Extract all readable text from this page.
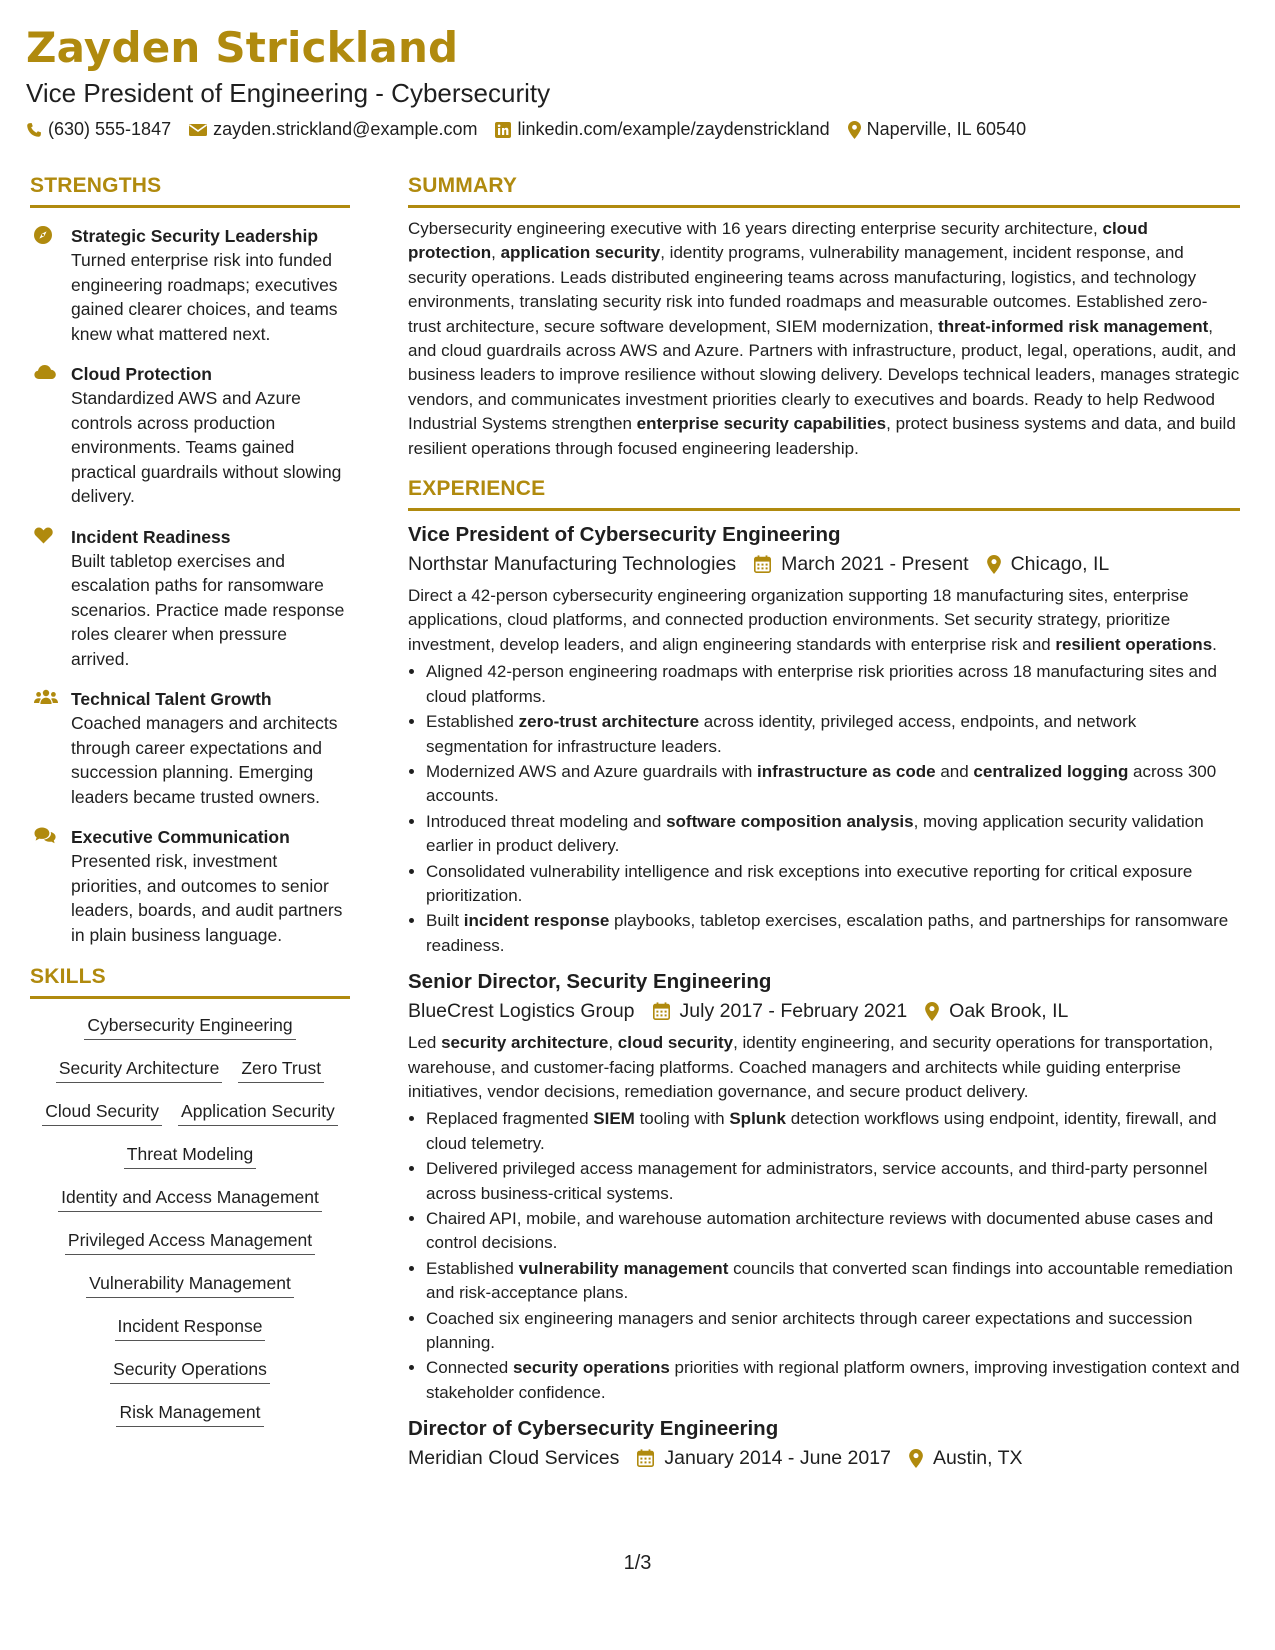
Zayden Strickland
Vice President of Engineering - Cybersecurity
(630) 555-1847 zayden.strickland@example.com linkedin.com/example/zaydenstrickland Naperville, IL 60540
STRENGTHS
Strategic Security Leadership
Turned enterprise risk into funded engineering roadmaps; executives gained clearer choices, and teams knew what mattered next.
Cloud Protection
Standardized AWS and Azure controls across production environments. Teams gained practical guardrails without slowing delivery.
Incident Readiness
Built tabletop exercises and escalation paths for ransomware scenarios. Practice made response roles clearer when pressure arrived.
Technical Talent Growth
Coached managers and architects through career expectations and succession planning. Emerging leaders became trusted owners.
Executive Communication
Presented risk, investment priorities, and outcomes to senior leaders, boards, and audit partners in plain business language.
SKILLS
Cybersecurity Engineering
Security Architecture Zero Trust
Cloud Security Application Security
Threat Modeling
Identity and Access Management
Privileged Access Management
Vulnerability Management
Incident Response
Security Operations
Risk Management
SUMMARY
Cybersecurity engineering executive with 16 years directing enterprise security architecture, cloud protection, application security, identity programs, vulnerability management, incident response, and security operations. Leads distributed engineering teams across manufacturing, logistics, and technology environments, translating security risk into funded roadmaps and measurable outcomes. Established zero-trust architecture, secure software development, SIEM modernization, threat-informed risk management, and cloud guardrails across AWS and Azure. Partners with infrastructure, product, legal, operations, audit, and business leaders to improve resilience without slowing delivery. Develops technical leaders, manages strategic vendors, and communicates investment priorities clearly to executives and boards. Ready to help Redwood Industrial Systems strengthen enterprise security capabilities, protect business systems and data, and build resilient operations through focused engineering leadership.
EXPERIENCE
Vice President of Cybersecurity Engineering
Northstar Manufacturing Technologies March 2021 - Present Chicago, IL
Direct a 42-person cybersecurity engineering organization supporting 18 manufacturing sites, enterprise applications, cloud platforms, and connected production environments. Set security strategy, prioritize investment, develop leaders, and align engineering standards with enterprise risk and resilient operations.
• Aligned 42-person engineering roadmaps with enterprise risk priorities across 18 manufacturing sites and cloud platforms.
• Established zero-trust architecture across identity, privileged access, endpoints, and network segmentation for infrastructure leaders.
• Modernized AWS and Azure guardrails with infrastructure as code and centralized logging across 300 accounts.
• Introduced threat modeling and software composition analysis, moving application security validation earlier in product delivery.
• Consolidated vulnerability intelligence and risk exceptions into executive reporting for critical exposure prioritization.
• Built incident response playbooks, tabletop exercises, escalation paths, and partnerships for ransomware readiness.
Senior Director, Security Engineering
BlueCrest Logistics Group July 2017 - February 2021 Oak Brook, IL
Led security architecture, cloud security, identity engineering, and security operations for transportation, warehouse, and customer-facing platforms. Coached managers and architects while guiding enterprise initiatives, vendor decisions, remediation governance, and secure product delivery.
• Replaced fragmented SIEM tooling with Splunk detection workflows using endpoint, identity, firewall, and cloud telemetry.
• Delivered privileged access management for administrators, service accounts, and third-party personnel across business-critical systems.
• Chaired API, mobile, and warehouse automation architecture reviews with documented abuse cases and control decisions.
• Established vulnerability management councils that converted scan findings into accountable remediation and risk-acceptance plans.
• Coached six engineering managers and senior architects through career expectations and succession planning.
• Connected security operations priorities with regional platform owners, improving investigation context and stakeholder confidence.
Director of Cybersecurity Engineering
Meridian Cloud Services January 2014 - June 2017 Austin, TX
1/3
